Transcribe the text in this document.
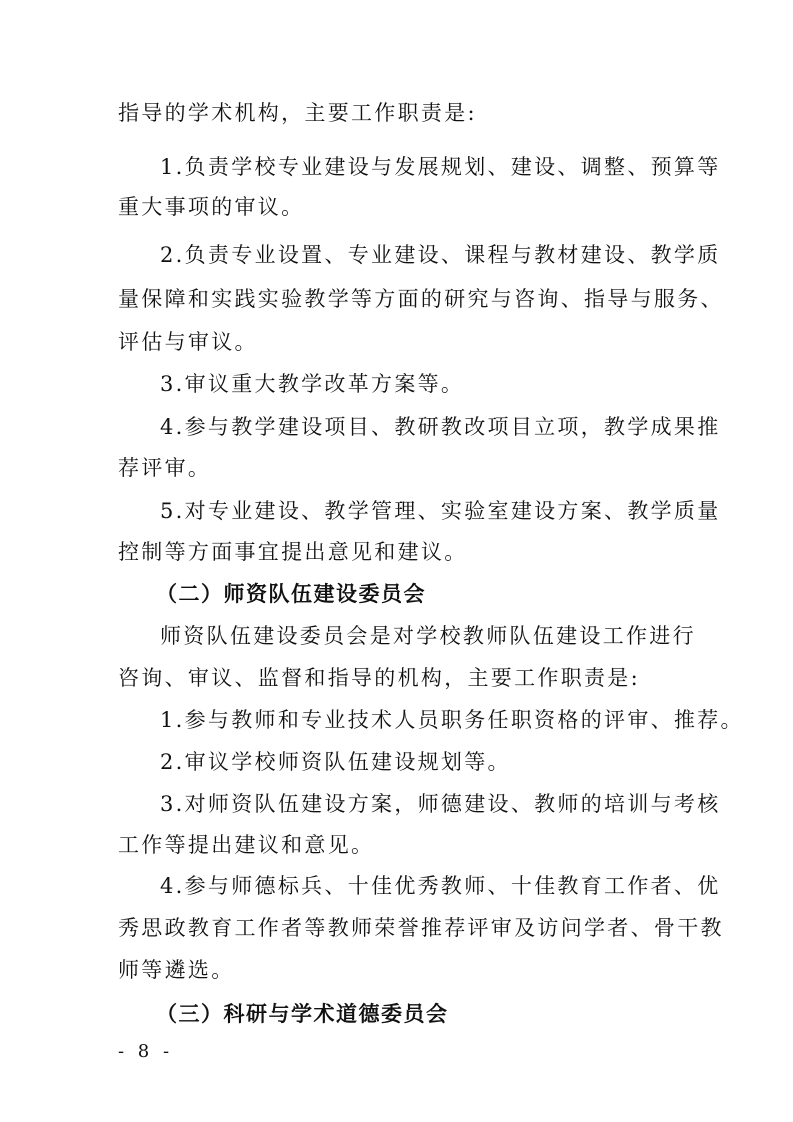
指导的学术机构，主要工作职责是:

1.负责学校专业建设与发展规划、建设、调整、预算等

重大事项的审议。

2.负责专业设置、专业建设、课程与教材建设、教学质

量保障和实践实验教学等方面的研究与咨询、指导与服务、

评估与审议。

3.审议重大教学改革方案等。

4.参与教学建设项目、教研教改项目立项，教学成果推

荐评审。

5.对专业建设、教学管理、实验室建设方案、教学质量

控制等方面事宜提出意见和建议。

（二）师资队伍建设委员会

师资队伍建设委员会是对学校教师队伍建设工作进行

咨询、审议、监督和指导的机构，主要工作职责是:

1.参与教师和专业技术人员职务任职资格的评审、推荐。

2.审议学校师资队伍建设规划等。

3.对师资队伍建设方案，师德建设、教师的培训与考核

工作等提出建议和意见。

4.参与师德标兵、十佳优秀教师、十佳教育工作者、优

秀思政教育工作者等教师荣誉推荐评审及访问学者、骨干教

师等遴选。

（三）科研与学术道德委员会

- 8 -
